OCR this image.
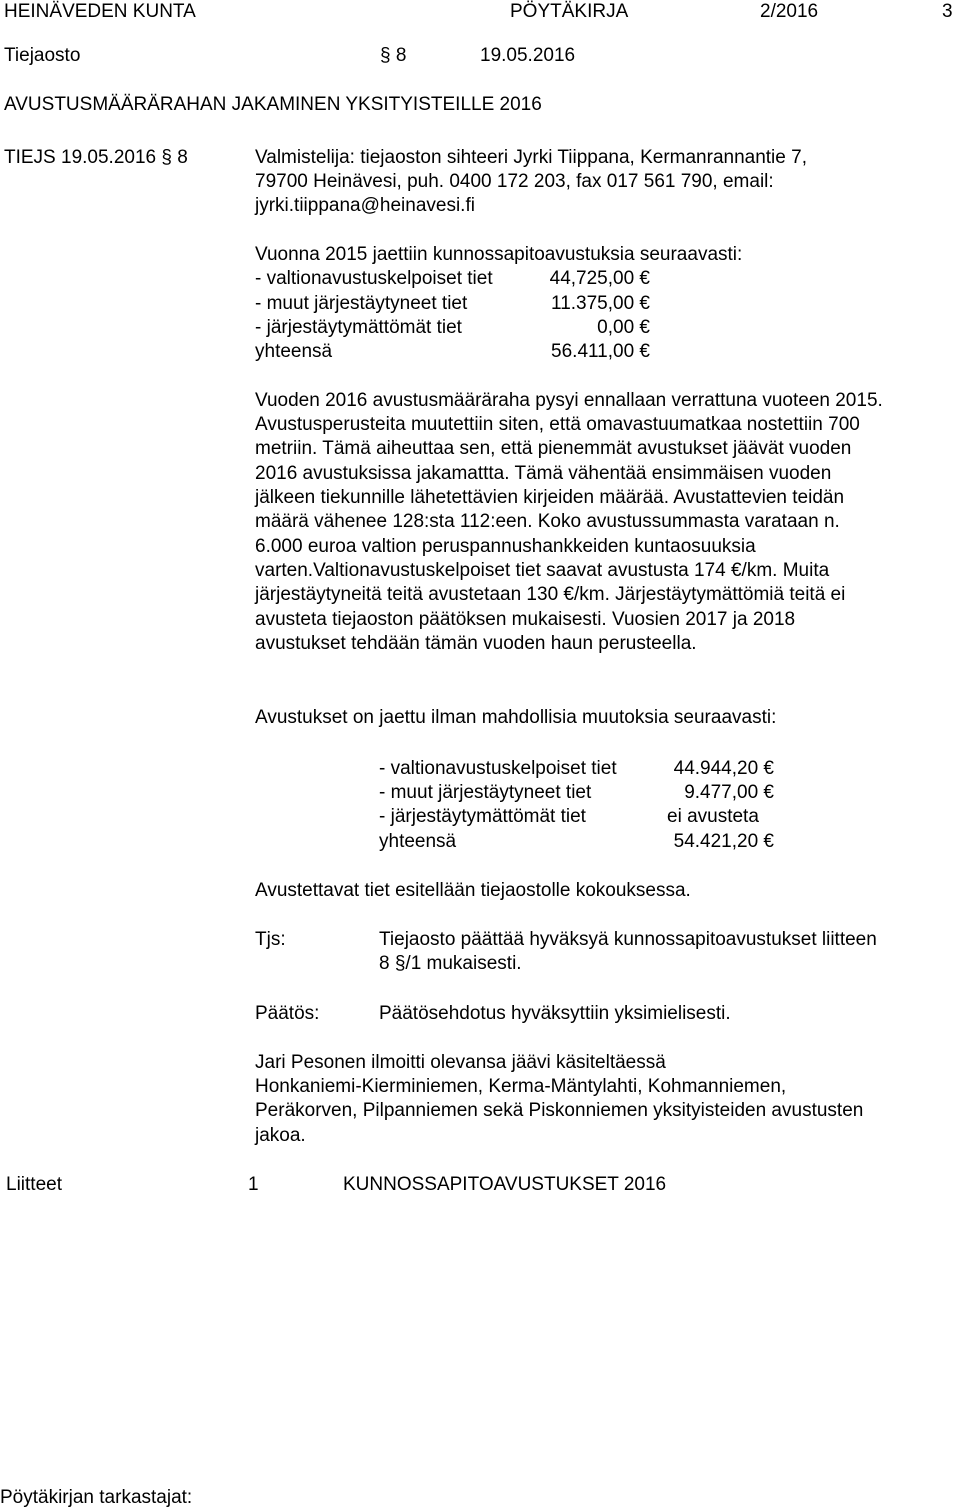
HEINÄVEDEN KUNTA	PÖYTÄKIRJA	2/2016	3
Tiejaosto	§ 8	19.05.2016
AVUSTUSMÄÄRÄRAHAN JAKAMINEN YKSITYISTEILLE 2016
TIEJS 19.05.2016 § 8	Valmistelija: tiejaoston sihteeri Jyrki Tiippana, Kermanrannantie 7,
79700 Heinävesi, puh. 0400 172 203, fax 017 561 790, email:
jyrki.tiippana@heinavesi.fi
Vuonna 2015 jaettiin kunnossapitoavustuksia seuraavasti:
- valtionavustuskelpoiset tiet	44,725,00 €
- muut järjestäytyneet tiet	11.375,00 €
- järjestäytymättömät tiet	0,00 €
yhteensä	56.411,00 €
Vuoden 2016 avustusmääräraha pysyi ennallaan verrattuna vuoteen 2015.
Avustusperusteita muutettiin siten, että omavastuumatkaa nostettiin 700
metriin. Tämä aiheuttaa sen, että pienemmät avustukset jäävät vuoden
2016 avustuksissa jakamattta. Tämä vähentää ensimmäisen vuoden
jälkeen tiekunnille lähetettävien kirjeiden määrää. Avustattevien teidän
määrä vähenee 128:sta 112:een. Koko avustussummasta varataan n.
6.000 euroa valtion peruspannushankkeiden kuntaosuuksia
varten.Valtionavustuskelpoiset tiet saavat avustusta 174 €/km. Muita
järjestäytyneitä teitä avustetaan 130 €/km. Järjestäytymättömiä teitä ei
avusteta tiejaoston päätöksen mukaisesti. Vuosien 2017 ja 2018
avustukset tehdään tämän vuoden haun perusteella.
Avustukset on jaettu ilman mahdollisia muutoksia seuraavasti:
- valtionavustuskelpoiset tiet	44.944,20 €
- muut järjestäytyneet tiet	9.477,00 €
- järjestäytymättömät tiet	ei avusteta
yhteensä	54.421,20 €
Avustettavat tiet esitellään tiejaostolle kokouksessa.
Tjs:	Tiejaosto päättää hyväksyä kunnossapitoavustukset liitteen
8 §/1 mukaisesti.
Päätös:	Päätösehdotus hyväksyttiin yksimielisesti.
Jari Pesonen ilmoitti olevansa jäävi käsiteltäessä
Honkaniemi-Kierminiemen, Kerma-Mäntylahti, Kohmanniemen,
Peräkorven, Pilpanniemen sekä Piskonniemen yksityisteiden avustusten
jakoa.
Liitteet	1	KUNNOSSAPITOAVUSTUKSET 2016
Pöytäkirjan tarkastajat:
